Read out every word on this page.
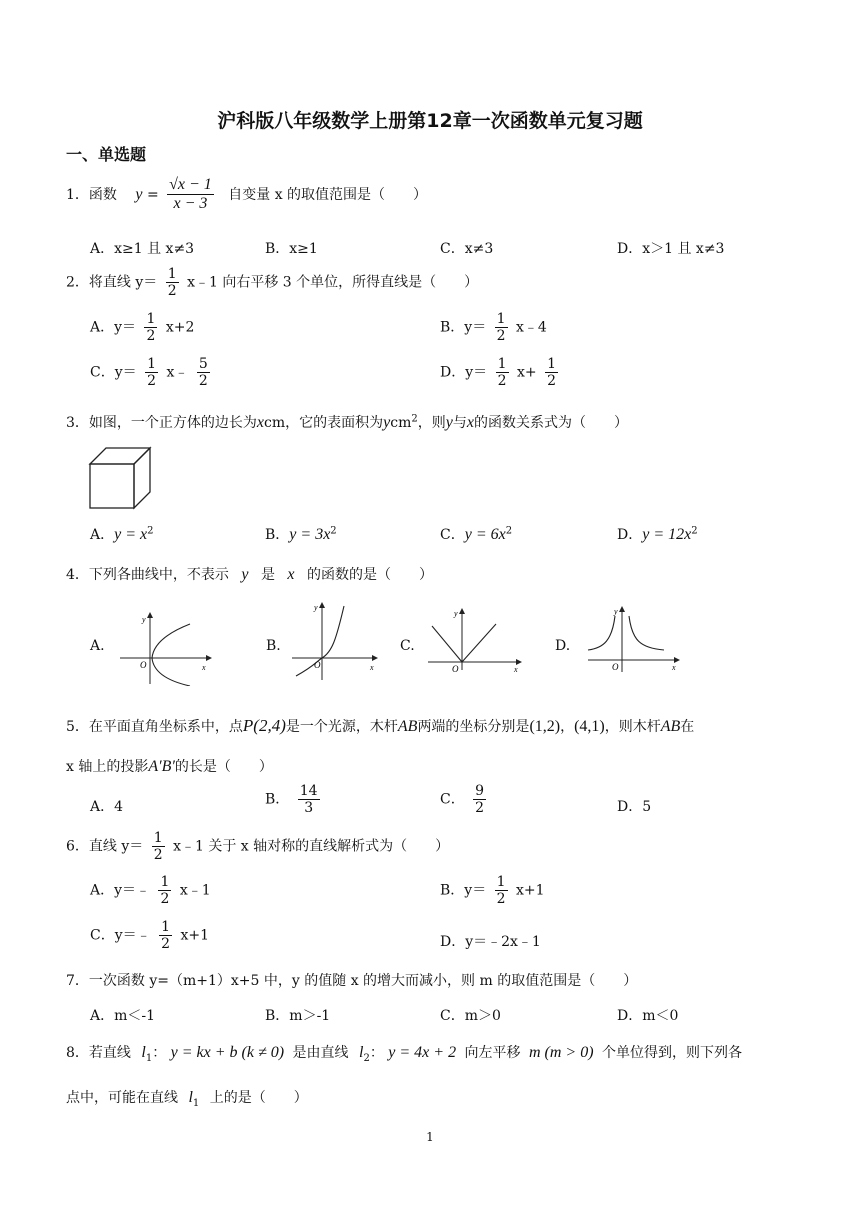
沪科版八年级数学上册第12章一次函数单元复习题
一、单选题
1．函数 $y = \frac{√x - 1}{x - 3}$ 自变量 x 的取值范围是（　　）
A．x≥1 且 x≠3	B．x≥1	C．x≠3	D．x＞1 且 x≠3
2．将直线 $y= \frac{1}{2}$ x﹣1 向右平移 3 个单位，所得直线是（　　）
A．$y= \frac{1}{2} x+2$	B．$y= \frac{1}{2}$ x﹣4
C．$y= \frac{1}{2}$ x﹣ $\frac{5}{2}$	D．$y= \frac{1}{2} x+ \frac{1}{2}$
3．如图，一个正方体的边长为xcm，它的表面积为ycm$^2$，则y与x的函数关系式为（　　）
A．$y = x^2$	B．$y = 3x^2$	C．$y = 6x^2$	D．$y = 12x^2$
4．下列各曲线中，不表示 y 是 x 的函数的是（　　）
A.
y
x
O
B.
y
x
O
C.
y
x
O
D.
y
x
O
5．在平面直角坐标系中，点P(2,4)是一个光源，木杆AB两端的坐标分别是(1,2)，(4,1)，则木杆AB在
x 轴上的投影A′B′的长是（　　）
A．4	B． $\frac{14}{3}$	C． $\frac{9}{2}$	D．5
6．直线 $y= \frac{1}{2}$ x﹣1 关于 x 轴对称的直线解析式为（　　）
A．y＝﹣ $\frac{1}{2}$ x﹣1	B．$y= \frac{1}{2} x+1$
C．y＝﹣ $\frac{1}{2} x+1$	D．y＝﹣2x﹣1
7．一次函数 y=（m+1）x+5 中，y 的值随 x 的增大而减小，则 m 的取值范围是（　　）
A．m＜-1	B．m＞-1	C．m＞0	D．m＜0
8．若直线 $l_1$： y = kx + b (k ≠ 0) 是由直线 $l_2$： y = 4x + 2 向左平移 m (m > 0) 个单位得到，则下列各
点中，可能在直线 $l_1$ 上的是（　　）
1
